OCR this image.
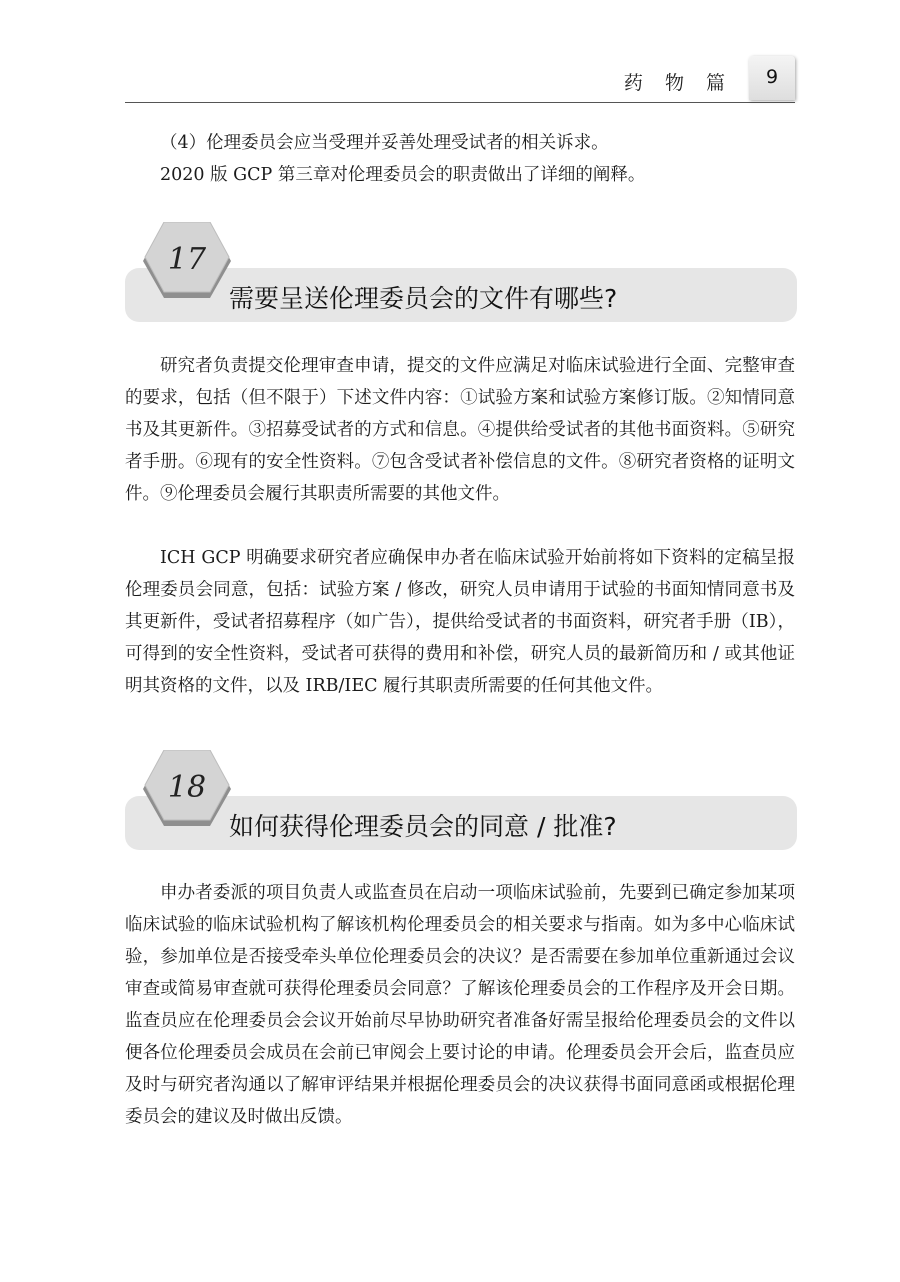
药 物 篇	9

（4）伦理委员会应当受理并妥善处理受试者的相关诉求。

2020 版 GCP 第三章对伦理委员会的职责做出了详细的阐释。

17
需要呈送伦理委员会的文件有哪些?

研究者负责提交伦理审查申请，提交的文件应满足对临床试验进行全面、完整审查的要求，包括（但不限于）下述文件内容：①试验方案和试验方案修订版。②知情同意书及其更新件。③招募受试者的方式和信息。④提供给受试者的其他书面资料。⑤研究者手册。⑥现有的安全性资料。⑦包含受试者补偿信息的文件。⑧研究者资格的证明文件。⑨伦理委员会履行其职责所需要的其他文件。

ICH GCP 明确要求研究者应确保申办者在临床试验开始前将如下资料的定稿呈报伦理委员会同意，包括：试验方案 / 修改，研究人员申请用于试验的书面知情同意书及其更新件，受试者招募程序（如广告），提供给受试者的书面资料，研究者手册（IB），可得到的安全性资料，受试者可获得的费用和补偿，研究人员的最新简历和 / 或其他证明其资格的文件，以及 IRB/IEC 履行其职责所需要的任何其他文件。

18
如何获得伦理委员会的同意 / 批准?

申办者委派的项目负责人或监查员在启动一项临床试验前，先要到已确定参加某项临床试验的临床试验机构了解该机构伦理委员会的相关要求与指南。如为多中心临床试验，参加单位是否接受牵头单位伦理委员会的决议？是否需要在参加单位重新通过会议审查或简易审查就可获得伦理委员会同意？了解该伦理委员会的工作程序及开会日期。监查员应在伦理委员会会议开始前尽早协助研究者准备好需呈报给伦理委员会的文件以便各位伦理委员会成员在会前已审阅会上要讨论的申请。伦理委员会开会后，监查员应及时与研究者沟通以了解审评结果并根据伦理委员会的决议获得书面同意函或根据伦理委员会的建议及时做出反馈。
